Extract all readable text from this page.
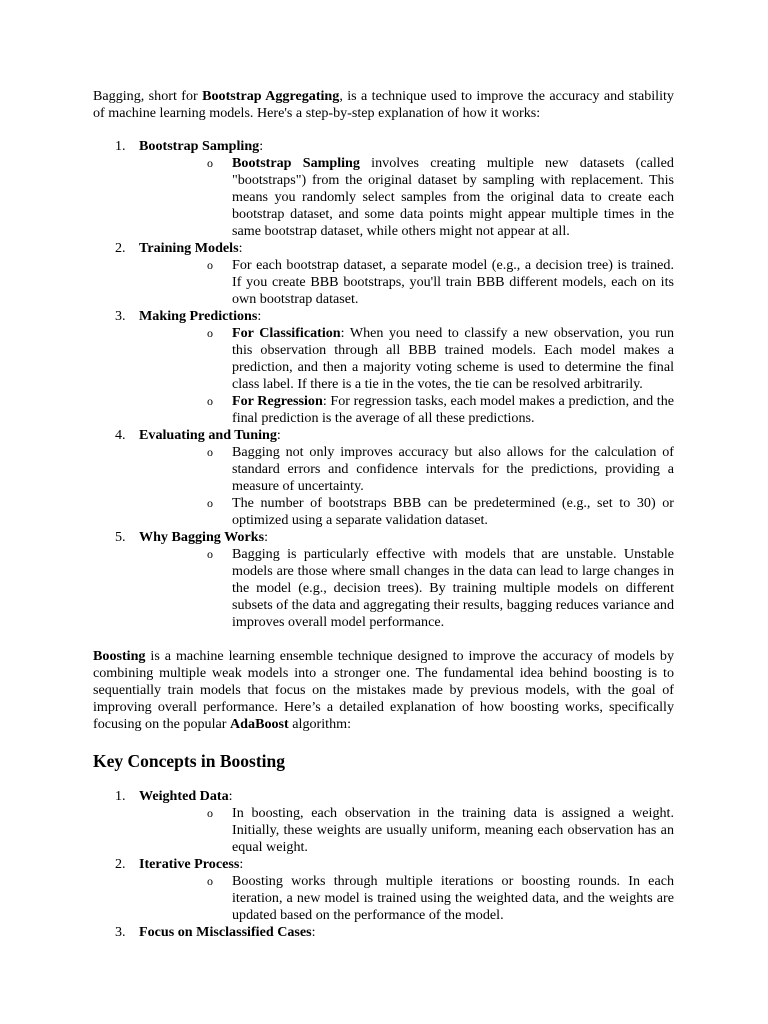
Bagging, short for Bootstrap Aggregating, is a technique used to improve the accuracy and stability of machine learning models. Here's a step-by-step explanation of how it works:

1. Bootstrap Sampling:
o Bootstrap Sampling involves creating multiple new datasets (called "bootstraps") from the original dataset by sampling with replacement. This means you randomly select samples from the original data to create each bootstrap dataset, and some data points might appear multiple times in the same bootstrap dataset, while others might not appear at all.
2. Training Models:
o For each bootstrap dataset, a separate model (e.g., a decision tree) is trained. If you create BBB bootstraps, you'll train BBB different models, each on its own bootstrap dataset.
3. Making Predictions:
o For Classification: When you need to classify a new observation, you run this observation through all BBB trained models. Each model makes a prediction, and then a majority voting scheme is used to determine the final class label. If there is a tie in the votes, the tie can be resolved arbitrarily.
o For Regression: For regression tasks, each model makes a prediction, and the final prediction is the average of all these predictions.
4. Evaluating and Tuning:
o Bagging not only improves accuracy but also allows for the calculation of standard errors and confidence intervals for the predictions, providing a measure of uncertainty.
o The number of bootstraps BBB can be predetermined (e.g., set to 30) or optimized using a separate validation dataset.
5. Why Bagging Works:
o Bagging is particularly effective with models that are unstable. Unstable models are those where small changes in the data can lead to large changes in the model (e.g., decision trees). By training multiple models on different subsets of the data and aggregating their results, bagging reduces variance and improves overall model performance.

Boosting is a machine learning ensemble technique designed to improve the accuracy of models by combining multiple weak models into a stronger one. The fundamental idea behind boosting is to sequentially train models that focus on the mistakes made by previous models, with the goal of improving overall performance. Here’s a detailed explanation of how boosting works, specifically focusing on the popular AdaBoost algorithm:

Key Concepts in Boosting
1. Weighted Data:
o In boosting, each observation in the training data is assigned a weight. Initially, these weights are usually uniform, meaning each observation has an equal weight.
2. Iterative Process:
o Boosting works through multiple iterations or boosting rounds. In each iteration, a new model is trained using the weighted data, and the weights are updated based on the performance of the model.
3. Focus on Misclassified Cases:
